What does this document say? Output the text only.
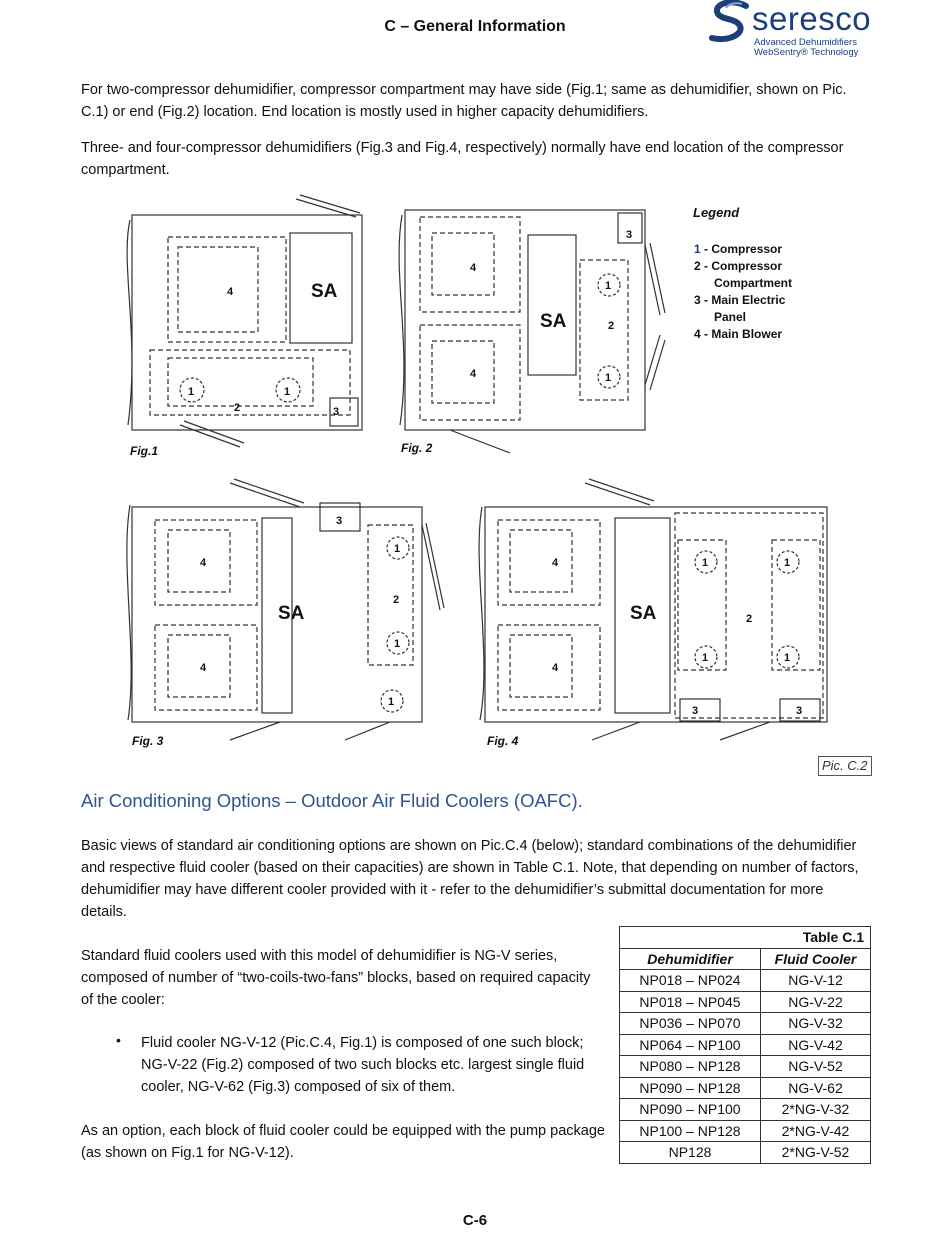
C – General Information	seresco
Advanced Dehumidifiers
WebSentry® Technology
For two-compressor dehumidifier, compressor compartment may have side (Fig.1; same as dehumidifier, shown on Pic. C.1) or end (Fig.2) location. End location is mostly used in higher capacity dehumidifiers.
Three- and four-compressor dehumidifiers (Fig.3 and Fig.4, respectively) normally have end location of the compressor compartment.
4
1	1
2	3
4
4
3
1
1
2
4
4
3
1
1
1
2
4
4
1	1
1	1
2
3	3
SA
SA
SA	SA
Fig.1	Fig. 2
Fig. 3	Fig. 4
Legend
1 - Compressor
2 - Compressor
Compartment
3 - Main Electric
Panel
4 - Main Blower
Pic. C.2
Air Conditioning Options – Outdoor Air Fluid Coolers (OAFC).
Basic views of standard air conditioning options are shown on Pic.C.4 (below); standard combinations of the dehumidifier and respective fluid cooler (based on their capacities) are shown in Table C.1. Note, that depending on number of factors, dehumidifier may have different cooler provided with it - refer to the dehumidifier’s submittal documentation for more details.
Standard fluid coolers used with this model of dehumidifier is NG-V series, composed of number of “two-coils-two-fans” blocks, based on required capacity of the cooler:
• Fluid cooler NG-V-12 (Pic.C.4, Fig.1) is composed of one such block; NG-V-22 (Fig.2) composed of two such blocks etc. largest single fluid cooler, NG-V-62 (Fig.3) composed of six of them.
As an option, each block of fluid cooler could be equipped with the pump package (as shown on Fig.1 for NG-V-12).
Table C.1	
Dehumidifier	Fluid Cooler
NP018 – NP024	NG-V-12
NP018 – NP045	NG-V-22
NP036 – NP070	NG-V-32
NP064 – NP100	NG-V-42
NP080 – NP128	NG-V-52
NP090 – NP128	NG-V-62
NP090 – NP100	2*NG-V-32
NP100 – NP128	2*NG-V-42
NP128	2*NG-V-52
C-6
